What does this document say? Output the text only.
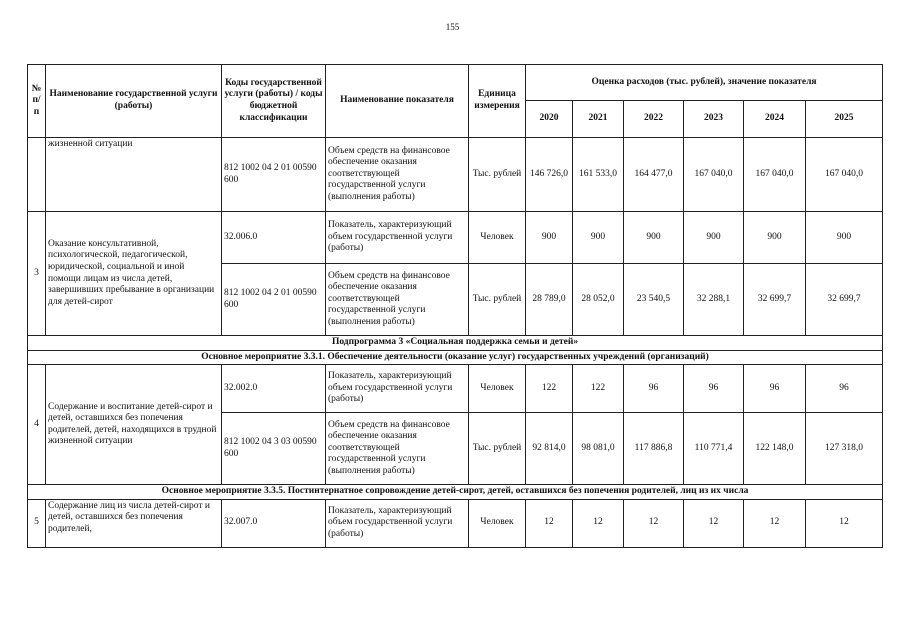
155
№ п/п	Наименование государственной услуги (работы)	Коды государственной услуги (работы) / коды бюджетной классификации	Наименование показателя	Единица измерения	Оценка расходов (тыс. рублей), значение показателя					
					2020	2021	2022	2023	2024	2025
	жизненной ситуации	812 1002 04 2 01 00590 600	Объем средств на финансовое обеспечение оказания соответствующей государственной услуги (выполнения работы)	Тыс. рублей	146 726,0	161 533,0	164 477,0	167 040,0	167 040,0	167 040,0
3	Оказание консультативной, психологической, педагогической, юридической, социальной и иной помощи лицам из числа детей, завершивших пребывание в организации для детей-сирот	32.006.0	Показатель, характеризующий объем государственной услуги (работы)	Человек	900	900	900	900	900	900
		812 1002 04 2 01 00590 600	Объем средств на финансовое обеспечение оказания соответствующей государственной услуги (выполнения работы)	Тыс. рублей	28 789,0	28 052,0	23 540,5	32 288,1	32 699,7	32 699,7
Подпрограмма 3 «Социальная поддержка семьи и детей»										
Основное мероприятие 3.3.1. Обеспечение деятельности (оказание услуг) государственных учреждений (организаций)										
4	Содержание и воспитание детей-сирот и детей, оставшихся без попечения родителей, детей, находящихся в трудной жизненной ситуации	32.002.0	Показатель, характеризующий объем государственной услуги (работы)	Человек	122	122	96	96	96	96
		812 1002 04 3 03 00590 600	Объем средств на финансовое обеспечение оказания соответствующей государственной услуги (выполнения работы)	Тыс. рублей	92 814,0	98 081,0	117 886,8	110 771,4	122 148,0	127 318,0
Основное мероприятие 3.3.5. Постинтернатное сопровождение детей-сирот, детей, оставшихся без попечения родителей, лиц из их числа										
5	Содержание лиц из числа детей-сирот и детей, оставшихся без попечения родителей,	32.007.0	Показатель, характеризующий объем государственной услуги (работы)	Человек	12	12	12	12	12	12
